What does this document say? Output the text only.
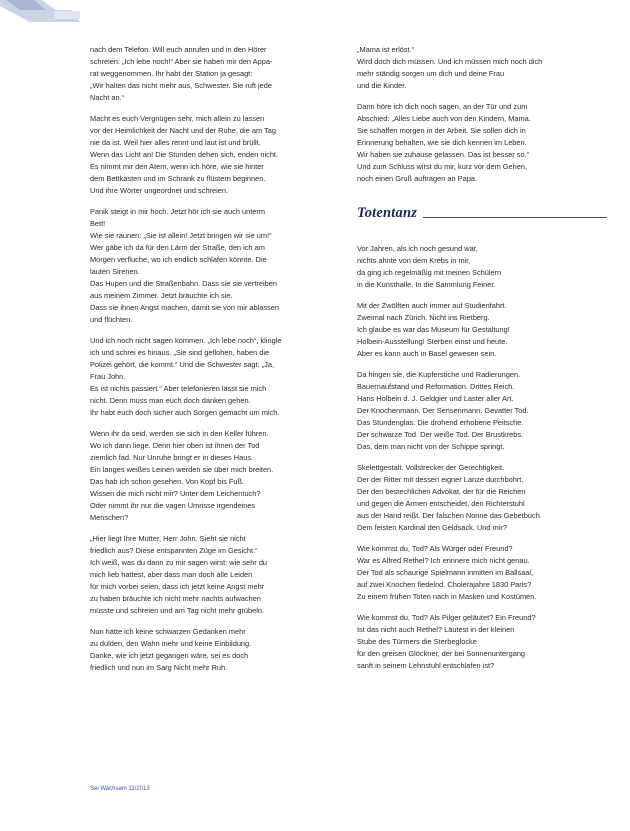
nach dem Telefon. Will euch anrufen und in den Hörer
schreien: „Ich lebe noch!“ Aber sie haben mir den Appa-
rat weggenommen. Ihr habt der Station ja gesagt:
„Wir halten das nicht mehr aus, Schwester. Sie ruft jede
Nacht an.“
Macht es euch Vergnügen sehr, mich allein zu lassen
vor der Heimlichkeit der Nacht und der Ruhe, die am Tag
nie da ist. Weil hier alles rennt und laut ist und brüllt.
Wenn das Licht an! Die Stunden dehen sich, enden nicht.
Es nimmt mir den Atem, wenn ich höre, wie sie hinter
dem Bettkasten und im Schrank zu flüstern beginnen.
Und ihre Wörter ungeordnet und schreien.
Panik steigt in mir hoch. Jetzt hör ich sie auch unterm
Bett!
Wie sie raunen: „Sie ist allein! Jetzt bringen wir sie um!“
Wer gäbe ich da für den Lärm der Straße, den ich am
Morgen verfluche, wo ich endlich schlafen könnte. Die
lauten Sirenen.
Das Hupen und die Straßenbahn. Dass sie sie vertreiben
aus meinem Zimmer. Jetzt bräuchte ich sie.
Dass sie ihnen Angst machen, damit sie von mir ablassen
und flüchten.
Und ich noch nicht sagen kommen. „Ich lebe noch“, klingle
ich und schrei es hinaus. „Sie sind geflohen, haben die
Polizei gehört, die kommt.“ Und die Schwester sagt: „Ja,
Frau John.
Es ist nichts passiert.“ Aber telefonieren lässt sie mich
nicht. Denn muss man euch doch danken gehen.
Ihr habt euch doch sicher auch Sorgen gemacht um mich.
Wenn ihr da seid, werden sie sich in den Keller führen.
Wo ich dann liege. Denn hier oben ist ihnen der Tod
ziemlich fad. Nur Unruhe bringt er in dieses Haus.
Ein langes weißes Leinen werden sie über mich breiten.
Das hab ich schon gesehen. Von Kopf bis Fuß.
Wissen die mich nicht mir? Unter dem Leichentuch?
Oder nimmt ihr nur die vagen Umrisse irgendeines
Menschen?
„Hier liegt Ihre Mutter, Herr John. Sieht sie nicht
friedlich aus? Diese entspannten Züge im Gesicht.“
Ich weiß, was du dann zu mir sagen wirst: wie sehr du
mich lieb hattest, aber dass man doch alle Leiden
für mich vorbei seien, dass ich jetzt keine Angst mehr
zu haben bräuchte ich nicht mehr nachts aufwachen
müsste und schreien und am Tag nicht mehr grübeln.
Nun hätte ich keine schwarzen Gedanken mehr
zu dulden, den Wahn mehr und keine Einbildung.
Danke, wie ich jetzt gegangen wäre, sei es doch
friedlich und nun im Sarg Nicht mehr Ruh.
„Mama ist erlöst.“
Wird doch dich müssen. Und ich müssen mich noch dich
mehr ständig sorgen um dich und deine Frau
und die Kinder.
Dann höre ich dich noch sagen, an der Tür und zum
Abschied: „Alles Liebe auch von den Kindern, Mama.
Sie schaffen morgen in der Arbeit. Sie sollen dich in
Erinnerung behalten, wie sie dich kennen im Leben.
Wir haben sie zuhause gelassen. Das ist besser so.“
Und zum Schluss wirst du mir, kurz vor dem Gehen,
noch einen Gruß auftragen an Papa.
Totentanz
Vor Jahren, als ich noch gesund war,
nichts ahnte von dem Krebs in mir,
da ging ich regelmäßig mit meinen Schülern
in die Kunsthalle. In die Sammlung Feiner.
Mit der Zwölften auch immer auf Studienfahrt.
Zweimal nach Zürich. Nicht ins Rietberg.
Ich glaube es war das Museum für Gestaltung!
Holbein-Ausstellung! Sterben einst und heute.
Aber es kann auch in Basel gewesen sein.
Da hingen sie, die Kupferstiche und Radierungen.
Bauernaufstand und Reformation. Drittes Reich.
Hans Holbein d. J. Geldgier und Laster aller Art.
Der Knochenmann. Der Sensenmann. Gevatter Tod.
Das Stundenglas. Die drohend erhobene Peitsche.
Der schwarze Tod. Der weiße Tod. Der Brustkrebs.
Das, dem man nicht von der Schippe springt.
Skelettgestalt. Vollstrecker der Gerechtigkeit.
Der der Ritter mit dessen eigner Lanze durchbohrt.
Der den bestechlichen Advokat, der für die Reichen
und gegen die Armen entscheidet, den Richterstuhl
aus der Hand reißt. Der falschen Nonne das Gebetbuch.
Dem feisten Kardinal den Geldsack. Und mir?
Wie kommst du, Tod? Als Würger oder Freund?
War es Alfred Rethel? Ich erinnere mich nicht genau.
Der Tod als schaurige Spielmann inmitten im Ballsaal,
auf zwei Knochen fiedelnd. Cholerajahre 1830 Paris?
Zu einem frühen Toten nach in Masken und Kostümen.
Wie kommst du, Tod? Als Pilger geläutet? Ein Freund?
Ist das nicht auch Rethel? Läutest in der kleinen
Stube des Türmers die Sterbeglocke
für den greisen Glöckner, der bei Sonnenuntergang
sanft in seinem Lehnstuhl entschlafen ist?
Sei Wachsam 11/2013
